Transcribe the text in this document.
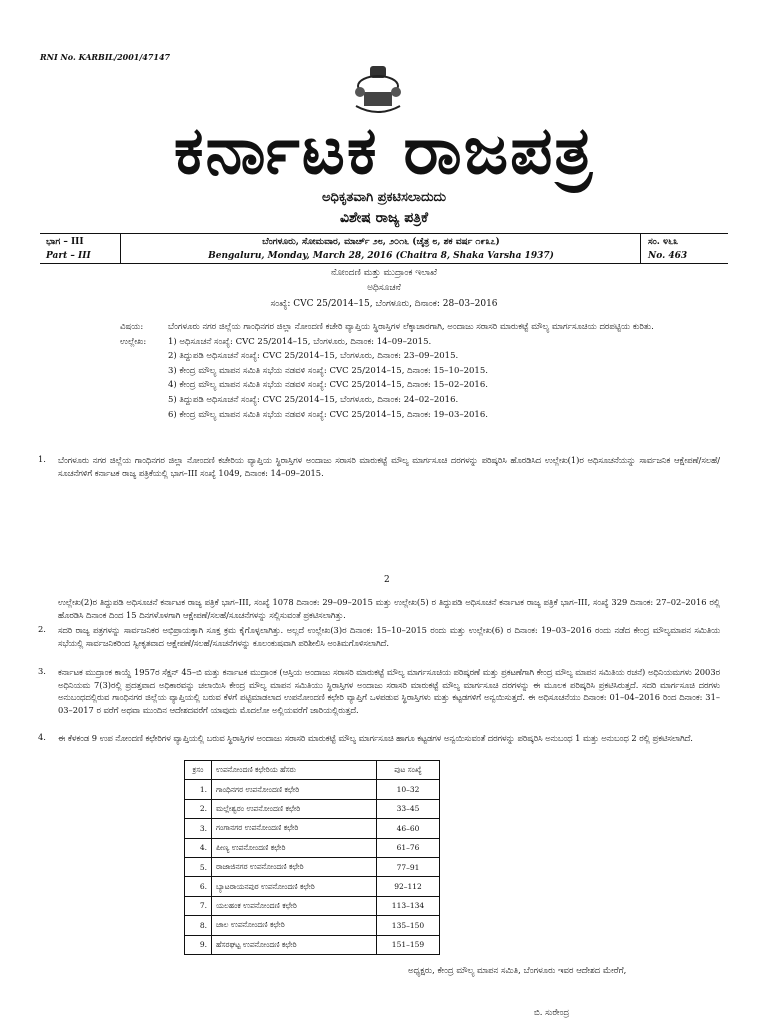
RNI No. KARBIL/2001/47147
ಕರ್ನಾಟಕ ರಾಜಪತ್ರ
ಅಧಿಕೃತವಾಗಿ ಪ್ರಕಟಿಸಲಾದುದು
ವಿಶೇಷ ರಾಜ್ಯ ಪತ್ರಿಕೆ
ಭಾಗ – III
Part – III
ಬೆಂಗಳೂರು, ಸೋಮವಾರ, ಮಾರ್ಚ್ ೨೮, ೨೦೧೬ (ಚೈತ್ರ ೮, ಶಕ ವರ್ಷ ೧೯೩೭)
Bengaluru, Monday, March 28, 2016 (Chaitra 8, Shaka Varsha 1937)
ಸಂ. ೪೬೩
No. 463
ನೋಂದಣಿ ಮತ್ತು ಮುದ್ರಾಂಕ ಇಲಾಖೆ
ಅಧಿಸೂಚನೆ
ಸಂಖ್ಯೆ: CVC 25/2014–15, ಬೆಂಗಳೂರು, ದಿನಾಂಕ: 28–03–2016
ವಿಷಯ:	ಬೆಂಗಳೂರು ನಗರ ಜಿಲ್ಲೆಯ ಗಾಂಧಿನಗರ ಜಿಲ್ಲಾ ನೋಂದಣಿ ಕಚೇರಿ ವ್ಯಾಪ್ತಿಯ ಸ್ಥಿರಾಸ್ತಿಗಳ ಲೆಕ್ಕಾಚಾರಗಾಗಿ, ಅಂದಾಜು ಸರಾಸರಿ ಮಾರುಕಟ್ಟೆ ಮೌಲ್ಯ ಮಾರ್ಗಸೂಚಿಯ ದರಪಟ್ಟಿಯ ಕುರಿತು.
ಉಲ್ಲೇಖ:	1) ಅಧಿಸೂಚನೆ ಸಂಖ್ಯೆ: CVC 25/2014–15, ಬೆಂಗಳೂರು, ದಿನಾಂಕ: 14–09–2015.
2) ತಿದ್ದುಪಡಿ ಅಧಿಸೂಚನೆ ಸಂಖ್ಯೆ: CVC 25/2014–15, ಬೆಂಗಳೂರು, ದಿನಾಂಕ: 23–09–2015.
3) ಕೇಂದ್ರ ಮೌಲ್ಯ ಮಾಪನ ಸಮಿತಿ ಸಭೆಯ ನಡವಳಿ ಸಂಖ್ಯೆ: CVC 25/2014–15, ದಿನಾಂಕ: 15–10–2015.
4) ಕೇಂದ್ರ ಮೌಲ್ಯ ಮಾಪನ ಸಮಿತಿ ಸಭೆಯ ನಡವಳಿ ಸಂಖ್ಯೆ: CVC 25/2014–15, ದಿನಾಂಕ: 15–02–2016.
5) ತಿದ್ದುಪಡಿ ಅಧಿಸೂಚನೆ ಸಂಖ್ಯೆ: CVC 25/2014–15, ಬೆಂಗಳೂರು, ದಿನಾಂಕ: 24–02–2016.
6) ಕೇಂದ್ರ ಮೌಲ್ಯ ಮಾಪನ ಸಮಿತಿ ಸಭೆಯ ನಡವಳಿ ಸಂಖ್ಯೆ: CVC 25/2014–15, ದಿನಾಂಕ: 19–03–2016.
1. ಬೆಂಗಳೂರು ನಗರ ಜಿಲ್ಲೆಯ ಗಾಂಧಿನಗರ ಜಿಲ್ಲಾ ನೋಂದಣಿ ಕಚೇರಿಯ ವ್ಯಾಪ್ತಿಯ ಸ್ಥಿರಾಸ್ತಿಗಳ ಅಂದಾಜು ಸರಾಸರಿ ಮಾರುಕಟ್ಟೆ ಮೌಲ್ಯ ಮಾರ್ಗಸೂಚಿ ದರಗಳನ್ನು ಪರಿಷ್ಕರಿಸಿ ಹೊರಡಿಸಿದ ಉಲ್ಲೇಖ(1)ರ ಅಧಿಸೂಚನೆಯನ್ನು ಸಾರ್ವಜನಿಕ ಆಕ್ಷೇಪಣೆ/ಸಲಹೆ/ಸೂಚನೆಗಳಿಗೆ ಕರ್ನಾಟಕ ರಾಜ್ಯ ಪತ್ರಿಕೆಯಲ್ಲಿ ಭಾಗ–III ಸಂಖ್ಯೆ 1049, ದಿನಾಂಕ: 14–09–2015.
2
ಉಲ್ಲೇಖ(2)ರ ತಿದ್ದುಪಡಿ ಅಧಿಸೂಚನೆ ಕರ್ನಾಟಕ ರಾಜ್ಯ ಪತ್ರಿಕೆ ಭಾಗ–III, ಸಂಖ್ಯೆ 1078 ದಿನಾಂಕ: 29–09–2015 ಮತ್ತು ಉಲ್ಲೇಖ(5) ರ ತಿದ್ದುಪಡಿ ಅಧಿಸೂಚನೆ ಕರ್ನಾಟಕ ರಾಜ್ಯ ಪತ್ರಿಕೆ ಭಾಗ–III, ಸಂಖ್ಯೆ 329 ದಿನಾಂಕ: 27–02–2016 ರಲ್ಲಿ ಹೊರಡಿಸಿ ದಿನಾಂಕ ದಿಂದ 15 ದಿನಗಳೊಳಗಾಗಿ ಆಕ್ಷೇಪಣೆ/ಸಲಹೆ/ಸೂಚನೆಗಳನ್ನು ಸಲ್ಲಿಸುವಂತೆ ಪ್ರಕಟಿಸಲಾಗಿತ್ತು.
2. ಸದರಿ ರಾಜ್ಯ ಪತ್ರಗಳನ್ನು ಸಾರ್ವಜನಿಕರ ಅಭಿಪ್ರಾಯಕ್ಕಾಗಿ ಸೂಕ್ತ ಕ್ರಮ ಕೈಗೊಳ್ಳಲಾಗಿತ್ತು. ಅಲ್ಲದೆ ಉಲ್ಲೇಖ(3)ರ ದಿನಾಂಕ: 15–10–2015 ರಂದು ಮತ್ತು ಉಲ್ಲೇಖ(6) ರ ದಿನಾಂಕ: 19–03–2016 ರಂದು ನಡೆದ ಕೇಂದ್ರ ಮೌಲ್ಯಮಾಪನ ಸಮಿತಿಯ ಸಭೆಯಲ್ಲಿ ಸಾರ್ವಜನಿಕರಿಂದ ಸ್ವೀಕೃತವಾದ ಆಕ್ಷೇಪಣೆ/ಸಲಹೆ/ಸೂಚನೆಗಳನ್ನು ಕೂಲಂಕುಷವಾಗಿ ಪರಿಶೀಲಿಸಿ ಅಂತಿಮಗೊಳಿಸಲಾಗಿದೆ.
3. ಕರ್ನಾಟಕ ಮುದ್ರಾಂಕ ಕಾಯ್ದೆ 1957ರ ಸೆಕ್ಷನ್ 45–ಬಿ ಮತ್ತು ಕರ್ನಾಟಕ ಮುದ್ರಾಂಕ (ಆಸ್ತಿಯ ಅಂದಾಜು ಸರಾಸರಿ ಮಾರುಕಟ್ಟೆ ಮೌಲ್ಯ ಮಾರ್ಗಸೂಚಿಯ ಪರಿಷ್ಕರಣೆ ಮತ್ತು ಪ್ರಕಟಣೆಗಾಗಿ ಕೇಂದ್ರ ಮೌಲ್ಯ ಮಾಪನ ಸಮಿತಿಯ ರಚನೆ) ಅಧಿನಿಯಮಗಳು 2003ರ ಅಧಿನಿಯಮ 7(3)ರಲ್ಲಿ ಪ್ರದತ್ತವಾದ ಅಧಿಕಾರವನ್ನು ಚಲಾಯಿಸಿ ಕೇಂದ್ರ ಮೌಲ್ಯ ಮಾಪನ ಸಮಿತಿಯು ಸ್ಥಿರಾಸ್ತಿಗಳ ಅಂದಾಜು ಸರಾಸರಿ ಮಾರುಕಟ್ಟೆ ಮೌಲ್ಯ ಮಾರ್ಗಸೂಚಿ ದರಗಳನ್ನು ಈ ಮೂಲಕ ಪರಿಷ್ಕರಿಸಿ ಪ್ರಕಟಿಸಿರುತ್ತದೆ. ಸದರಿ ಮಾರ್ಗಸೂಚಿ ದರಗಳು ಅನುಬಂಧದಲ್ಲಿರುವ ಗಾಂಧಿನಗರ ಜಿಲ್ಲೆಯ ವ್ಯಾಪ್ತಿಯಲ್ಲಿ ಬರುವ ಕೆಳಗೆ ಪಟ್ಟಿಮಾಡಲಾದ ಉಪನೋಂದಣಿ ಕಛೇರಿ ವ್ಯಾಪ್ತಿಗೆ ಒಳಪಡುವ ಸ್ಥಿರಾಸ್ತಿಗಳು ಮತ್ತು ಕಟ್ಟಡಗಳಿಗೆ ಅನ್ವಯಿಸುತ್ತದೆ. ಈ ಅಧಿಸೂಚನೆಯು ದಿನಾಂಕ: 01–04–2016 ರಿಂದ ದಿನಾಂಕ: 31–03–2017 ರ ವರೆಗೆ ಅಥವಾ ಮುಂದಿನ ಆದೇಶದವರೆಗೆ ಯಾವುದು ಮೊದಲೋ ಅಲ್ಲಿಯವರೆಗೆ ಜಾರಿಯಲ್ಲಿರುತ್ತದೆ.
4. ಈ ಕೆಳಕಂಡ 9 ಉಪ ನೋಂದಣಿ ಕಛೇರಿಗಳ ವ್ಯಾಪ್ತಿಯಲ್ಲಿ ಬರುವ ಸ್ಥಿರಾಸ್ತಿಗಳ ಅಂದಾಜು ಸರಾಸರಿ ಮಾರುಕಟ್ಟೆ ಮೌಲ್ಯ ಮಾರ್ಗಸೂಚಿ ಹಾಗೂ ಕಟ್ಟಡಗಳ ಅನ್ವಯಿಸುವಂತೆ ದರಗಳನ್ನು ಪರಿಷ್ಕರಿಸಿ ಅನುಬಂಧ 1 ಮತ್ತು ಅನುಬಂಧ 2 ರಲ್ಲಿ ಪ್ರಕಟಿಸಲಾಗಿದೆ.
ಕ್ರಸಂ	ಉಪನೋಂದಣಿ ಕಛೇರಿಯ ಹೆಸರು	ಪುಟ ಸಂಖ್ಯೆ
1.	ಗಾಂಧಿನಗರ ಉಪನೋಂದಣಿ ಕಛೇರಿ	10–32
2.	ಮಲ್ಲೇಶ್ವರಂ ಉಪನೋಂದಣಿ ಕಛೇರಿ	33–45
3.	ಗಂಗಾನಗರ ಉಪನೋಂದಣಿ ಕಛೇರಿ	46–60
4.	ಪೀಣ್ಯ ಉಪನೋಂದಣಿ ಕಛೇರಿ	61–76
5.	ರಾಜಾಜಿನಗರ ಉಪನೋಂದಣಿ ಕಛೇರಿ	77–91
6.	ಬ್ಯಾಟರಾಯನಪುರ ಉಪನೋಂದಣಿ ಕಛೇರಿ	92–112
7.	ಯಲಹಂಕ ಉಪನೋಂದಣಿ ಕಛೇರಿ	113–134
8.	ಜಾಲ ಉಪನೋಂದಣಿ ಕಛೇರಿ	135–150
9.	ಹೆಸರಘಟ್ಟ ಉಪನೋಂದಣಿ ಕಛೇರಿ	151–159
ಅಧ್ಯಕ್ಷರು, ಕೇಂದ್ರ ಮೌಲ್ಯ ಮಾಪನ ಸಮಿತಿ, ಬೆಂಗಳೂರು ಇವರ ಆದೇಶದ ಮೇರೆಗೆ,
ಬಿ. ಸುರೇಂದ್ರ
